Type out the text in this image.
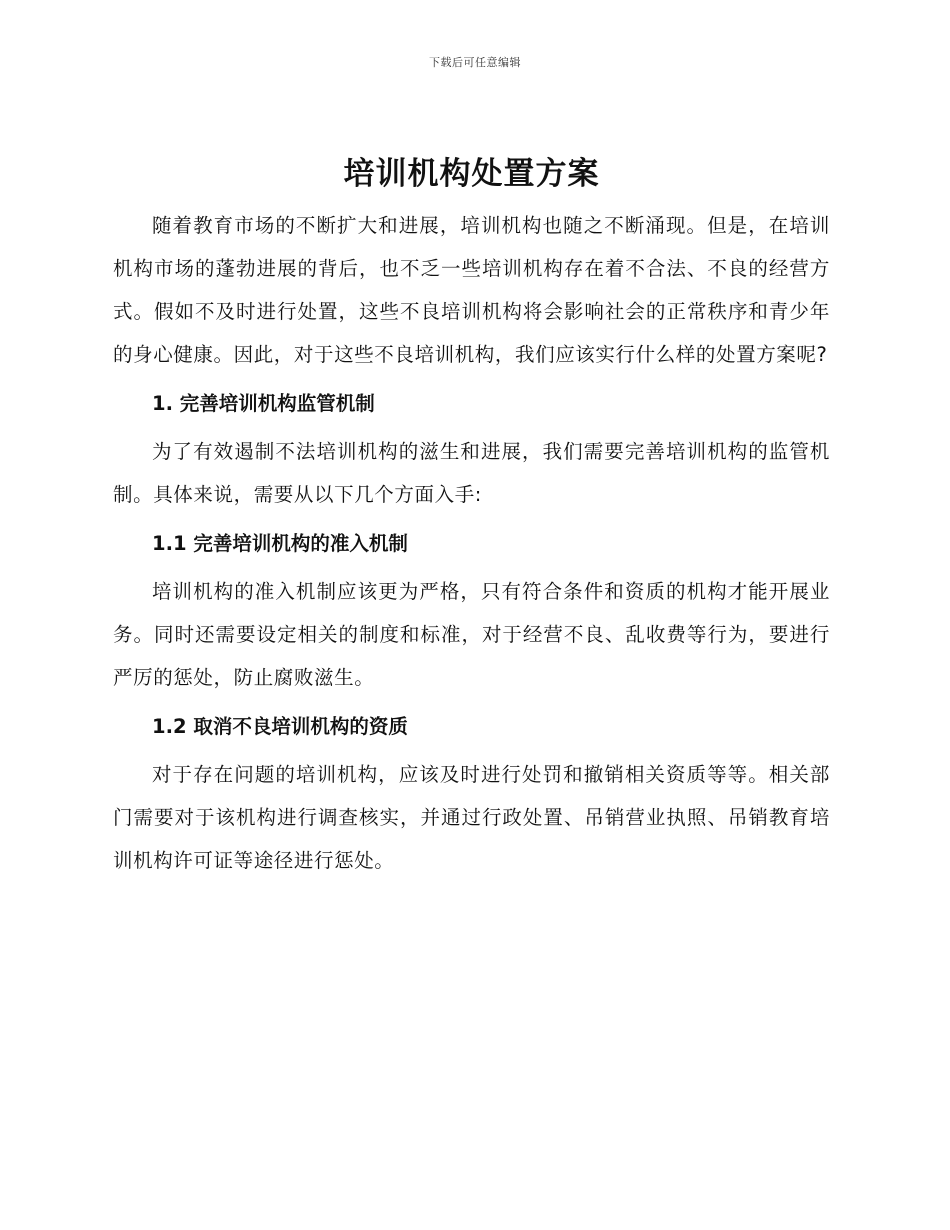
下载后可任意编辑
培训机构处置方案

随着教育市场的不断扩大和进展，培训机构也随之不断涌现。但是，在培训机构市场的蓬勃进展的背后，也不乏一些培训机构存在着不合法、不良的经营方式。假如不及时进行处置，这些不良培训机构将会影响社会的正常秩序和青少年的身心健康。因此，对于这些不良培训机构，我们应该实行什么样的处置方案呢?

1. 完善培训机构监管机制

为了有效遏制不法培训机构的滋生和进展，我们需要完善培训机构的监管机制。具体来说，需要从以下几个方面入手:

1.1 完善培训机构的准入机制

培训机构的准入机制应该更为严格，只有符合条件和资质的机构才能开展业务。同时还需要设定相关的制度和标准，对于经营不良、乱收费等行为，要进行严厉的惩处，防止腐败滋生。

1.2 取消不良培训机构的资质

对于存在问题的培训机构，应该及时进行处罚和撤销相关资质等等。相关部门需要对于该机构进行调查核实，并通过行政处置、吊销营业执照、吊销教育培训机构许可证等途径进行惩处。
